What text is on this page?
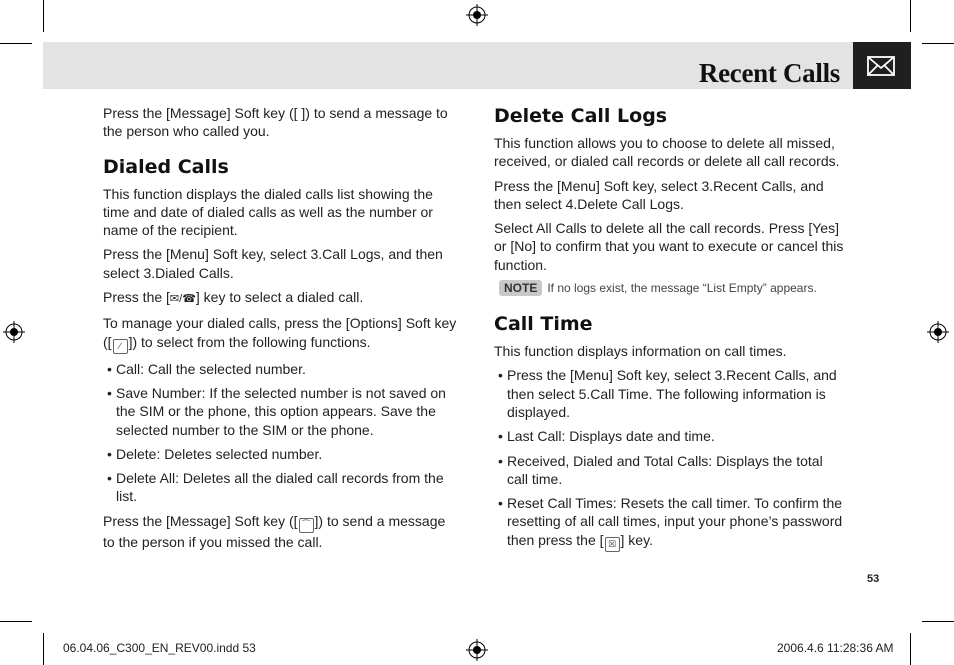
Recent Calls

Press the [Message] Soft key ([ ]) to send a message to the person who called you.

Dialed Calls

This function displays the dialed calls list showing the time and date of dialed calls as well as the number or name of the recipient.

Press the [Menu] Soft key, select 3.Call Logs, and then select 3.Dialed Calls.

Press the [✉/☎] key to select a dialed call.

To manage your dialed calls, press the [Options] Soft key ([ ⁄ ]) to select from the following functions.

• Call: Call the selected number.
• Save Number: If the selected number is not saved on the SIM or the phone, this option appears. Save the selected number to the SIM or the phone.
• Delete: Deletes selected number.
• Delete All: Deletes all the dialed call records from the list.

Press the [Message] Soft key ([ ⁀ ]) to send a message to the person if you missed the call.

Delete Call Logs

This function allows you to choose to delete all missed, received, or dialed call records or delete all call records.

Press the [Menu] Soft key, select 3.Recent Calls, and then select 4.Delete Call Logs.

Select All Calls to delete all the call records. Press [Yes] or [No] to confirm that you want to execute or cancel this function.

NOTE If no logs exist, the message “List Empty” appears.
Call Time

This function displays information on call times.

• Press the [Menu] Soft key, select 3.Recent Calls, and then select 5.Call Time. The following information is displayed.
• Last Call: Displays date and time.
• Received, Dialed and Total Calls: Displays the total call time.
• Reset Call Times: Resets the call timer. To confirm the resetting of all call times, input your phone’s password then press the [ ☒ ] key.
53
06.04.06_C300_EN_REV00.indd 53	2006.4.6 11:28:36 AM
